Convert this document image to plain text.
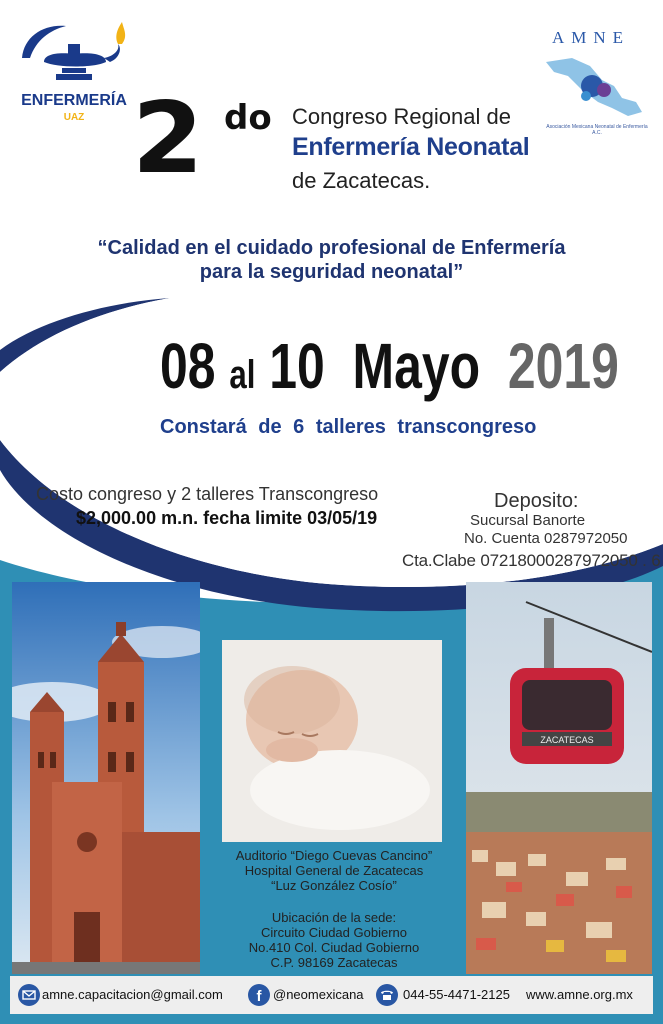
ENFERMERÍA
UAZ
AMNE
Asociación Mexicana Neonatal de Enfermería A.C.
2 do Congreso Regional de
Enfermería Neonatal
de Zacatecas.
“Calidad en el cuidado profesional de Enfermería
para la seguridad neonatal”
08 al 10 Mayo 2019
Constará de 6 talleres transcongreso
Costo congreso y 2 talleres Transcongreso
$2,000.00 m.n. fecha limite 03/05/19
Deposito:
Sucursal Banorte
No. Cuenta 0287972050
Cta.Clabe 07218000287972050 . 6
ZACATECAS
Auditorio “Diego Cuevas Cancino”
Hospital General de Zacatecas
“Luz González Cosío”
Ubicación de la sede:
Circuito Ciudad Gobierno
No.410 Col. Ciudad Gobierno
C.P. 98169 Zacatecas
amne.capacitacion@gmail.com f @neomexicana	044-55-4471-2125 www.amne.org.mx
